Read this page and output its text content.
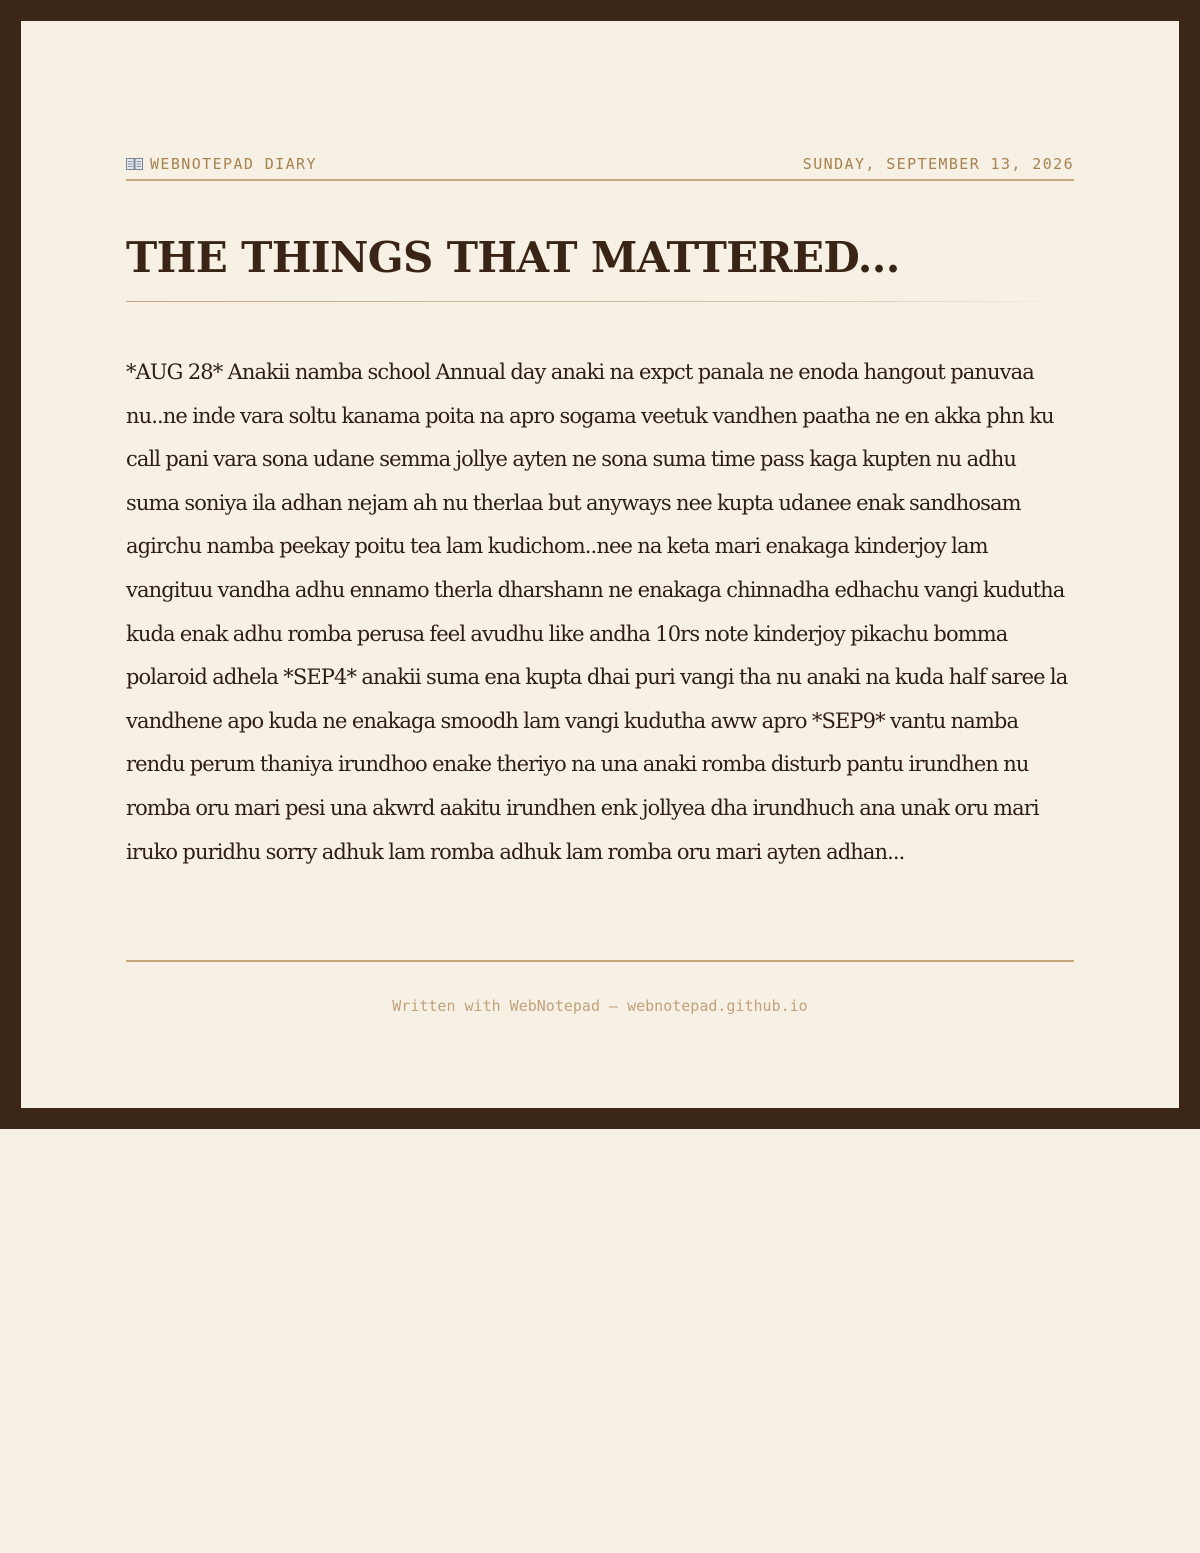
WEBNOTEPAD DIARY	SUNDAY, SEPTEMBER 13, 2026
THE THINGS THAT MATTERED...

*AUG 28* Anakii namba school Annual day anaki na expct panala ne enoda hangout panuvaa nu..ne inde vara soltu kanama poita na apro sogama veetuk vandhen paatha ne en akka phn ku call pani vara sona udane semma jollye ayten ne sona suma time pass kaga kupten nu adhu suma soniya ila adhan nejam ah nu therlaa but anyways nee kupta udanee enak sandhosam agirchu namba peekay poitu tea lam kudichom..nee na keta mari enakaga kinderjoy lam vangituu vandha adhu ennamo therla dharshann ne enakaga chinnadha edhachu vangi kudutha kuda enak adhu romba perusa feel avudhu like andha 10rs note kinderjoy pikachu bomma polaroid adhela *SEP4* anakii suma ena kupta dhai puri vangi tha nu anaki na kuda half saree la vandhene apo kuda ne enakaga smoodh lam vangi kudutha aww apro *SEP9* vantu namba rendu perum thaniya irundhoo enake theriyo na una anaki romba disturb pantu irundhen nu romba oru mari pesi una akwrd aakitu irundhen enk jollyea dha irundhuch ana unak oru mari iruko puridhu sorry adhuk lam romba adhuk lam romba oru mari ayten adhan...

Written with WebNotepad — webnotepad.github.io
